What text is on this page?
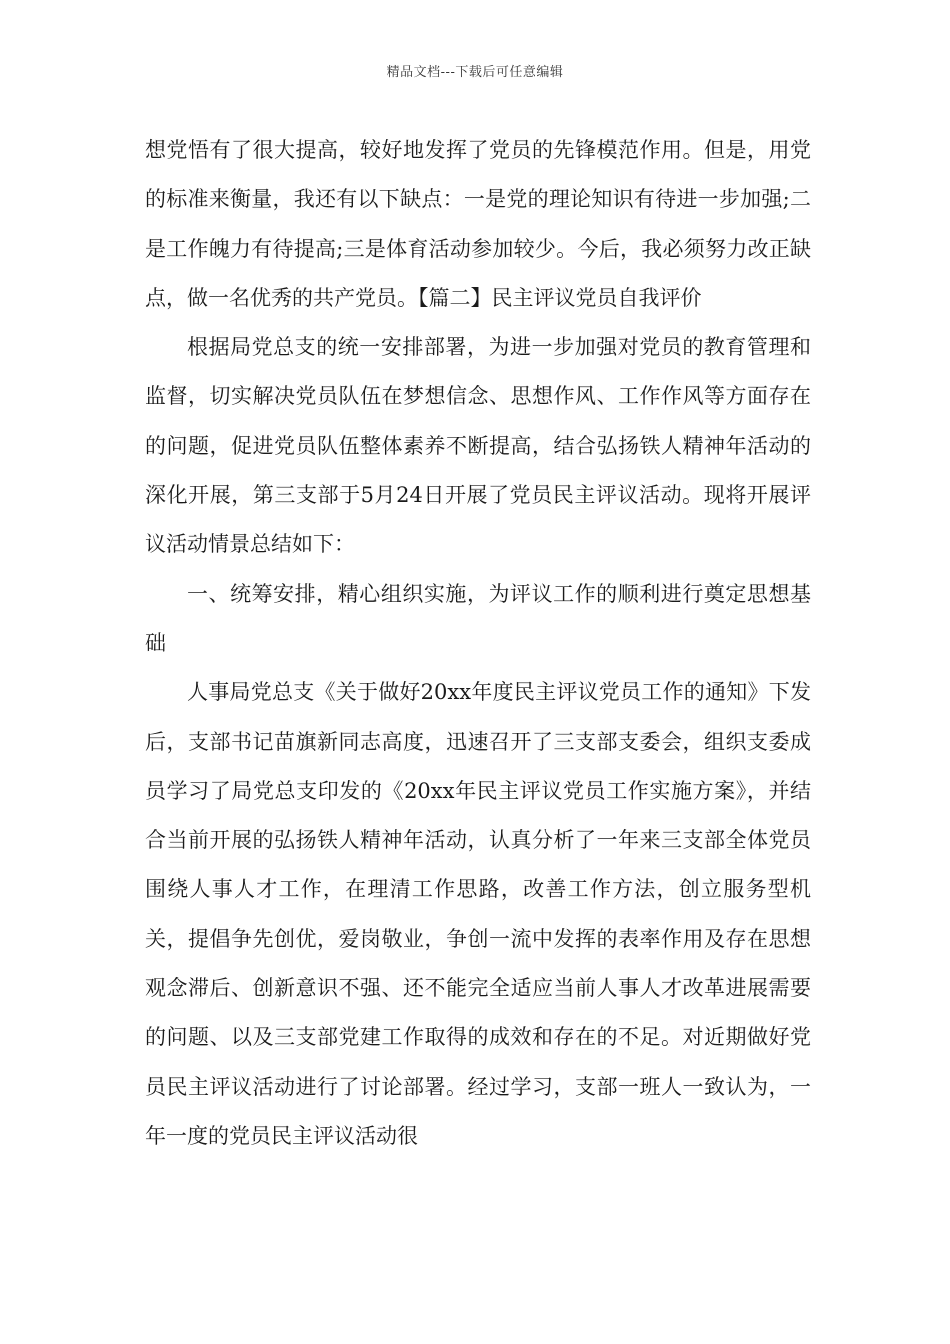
精品文档---下载后可任意编辑

想党悟有了很大提高，较好地发挥了党员的先锋模范作用。但是，用党的标准来衡量，我还有以下缺点：一是党的理论知识有待进一步加强;二是工作魄力有待提高;三是体育活动参加较少。今后，我必须努力改正缺点，做一名优秀的共产党员。【篇二】民主评议党员自我评价

根据局党总支的统一安排部署，为进一步加强对党员的教育管理和监督，切实解决党员队伍在梦想信念、思想作风、工作作风等方面存在的问题，促进党员队伍整体素养不断提高，结合弘扬铁人精神年活动的深化开展，第三支部于5月24日开展了党员民主评议活动。现将开展评议活动情景总结如下：

一、统筹安排，精心组织实施，为评议工作的顺利进行奠定思想基础

人事局党总支《关于做好20xx年度民主评议党员工作的通知》下发后，支部书记苗旗新同志高度，迅速召开了三支部支委会，组织支委成员学习了局党总支印发的《20xx年民主评议党员工作实施方案》，并结合当前开展的弘扬铁人精神年活动，认真分析了一年来三支部全体党员围绕人事人才工作，在理清工作思路，改善工作方法，创立服务型机关，提倡争先创优，爱岗敬业，争创一流中发挥的表率作用及存在思想观念滞后、创新意识不强、还不能完全适应当前人事人才改革进展需要的问题、以及三支部党建工作取得的成效和存在的不足。对近期做好党员民主评议活动进行了讨论部署。经过学习，支部一班人一致认为，一年一度的党员民主评议活动很
